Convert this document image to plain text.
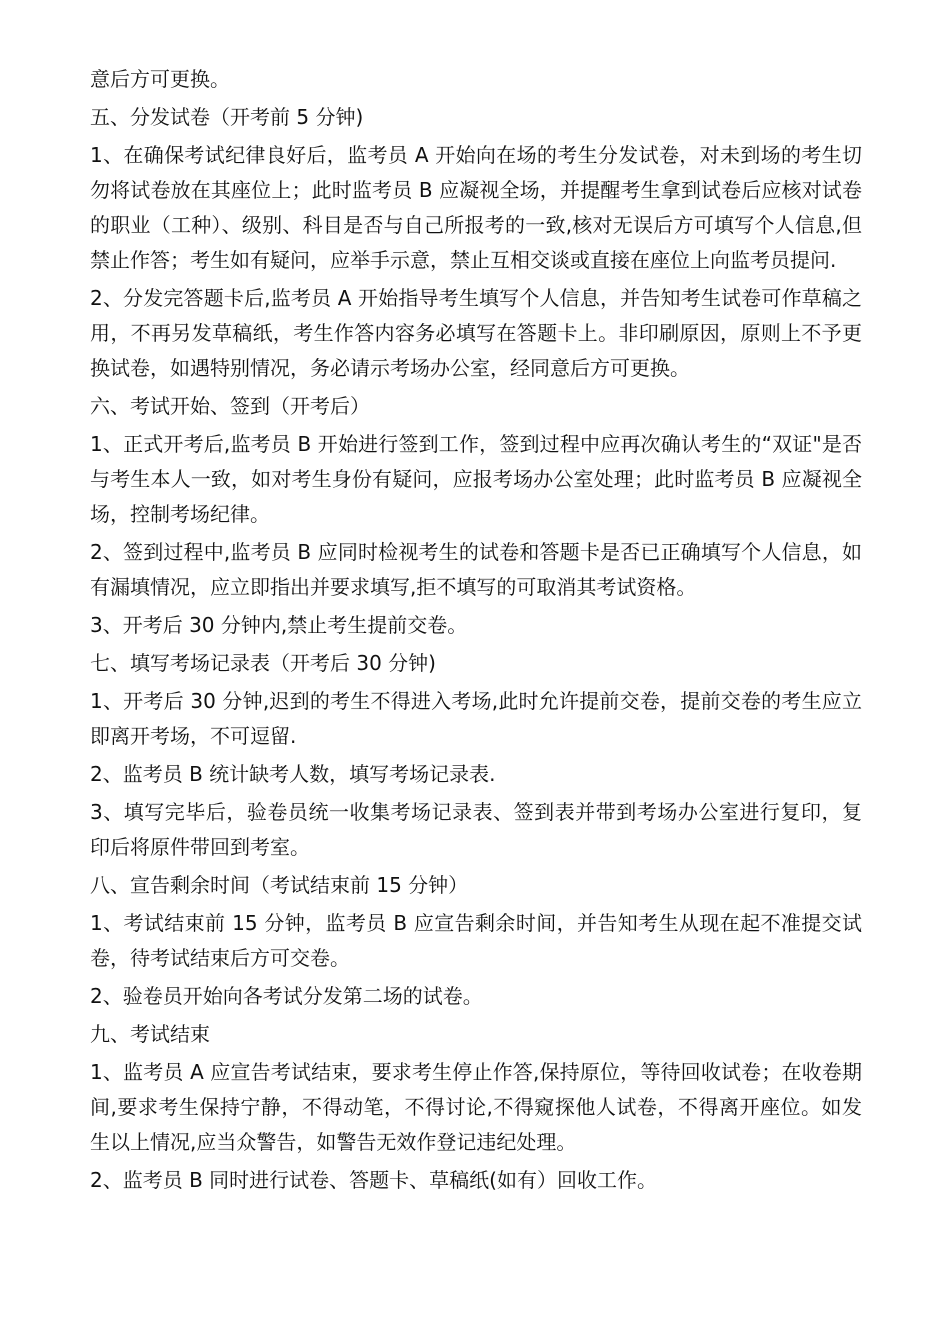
意后方可更换。

五、分发试卷（开考前 5 分钟)

1、在确保考试纪律良好后，监考员 A 开始向在场的考生分发试卷，对未到场的考生切勿将试卷放在其座位上；此时监考员 B 应凝视全场，并提醒考生拿到试卷后应核对试卷的职业（工种）、级别、科目是否与自己所报考的一致,核对无误后方可填写个人信息,但禁止作答；考生如有疑问，应举手示意，禁止互相交谈或直接在座位上向监考员提问.

2、分发完答题卡后,监考员 A 开始指导考生填写个人信息，并告知考生试卷可作草稿之用，不再另发草稿纸，考生作答内容务必填写在答题卡上。非印刷原因，原则上不予更换试卷，如遇特别情况，务必请示考场办公室，经同意后方可更换。

六、考试开始、签到（开考后）

1、正式开考后,监考员 B 开始进行签到工作，签到过程中应再次确认考生的“双证"是否与考生本人一致，如对考生身份有疑问，应报考场办公室处理；此时监考员 B 应凝视全场，控制考场纪律。

2、签到过程中,监考员 B 应同时检视考生的试卷和答题卡是否已正确填写个人信息，如有漏填情况，应立即指出并要求填写,拒不填写的可取消其考试资格。

3、开考后 30 分钟内,禁止考生提前交卷。

七、填写考场记录表（开考后 30 分钟)

1、开考后 30 分钟,迟到的考生不得进入考场,此时允许提前交卷，提前交卷的考生应立即离开考场，不可逗留.

2、监考员 B 统计缺考人数，填写考场记录表.

3、填写完毕后，验卷员统一收集考场记录表、签到表并带到考场办公室进行复印，复印后将原件带回到考室。

八、宣告剩余时间（考试结束前 15 分钟）

1、考试结束前 15 分钟，监考员 B 应宣告剩余时间，并告知考生从现在起不准提交试卷，待考试结束后方可交卷。

2、验卷员开始向各考试分发第二场的试卷。

九、考试结束

1、监考员 A 应宣告考试结束，要求考生停止作答,保持原位，等待回收试卷；在收卷期间,要求考生保持宁静，不得动笔，不得讨论,不得窥探他人试卷，不得离开座位。如发生以上情况,应当众警告，如警告无效作登记违纪处理。

2、监考员 B 同时进行试卷、答题卡、草稿纸(如有）回收工作。
